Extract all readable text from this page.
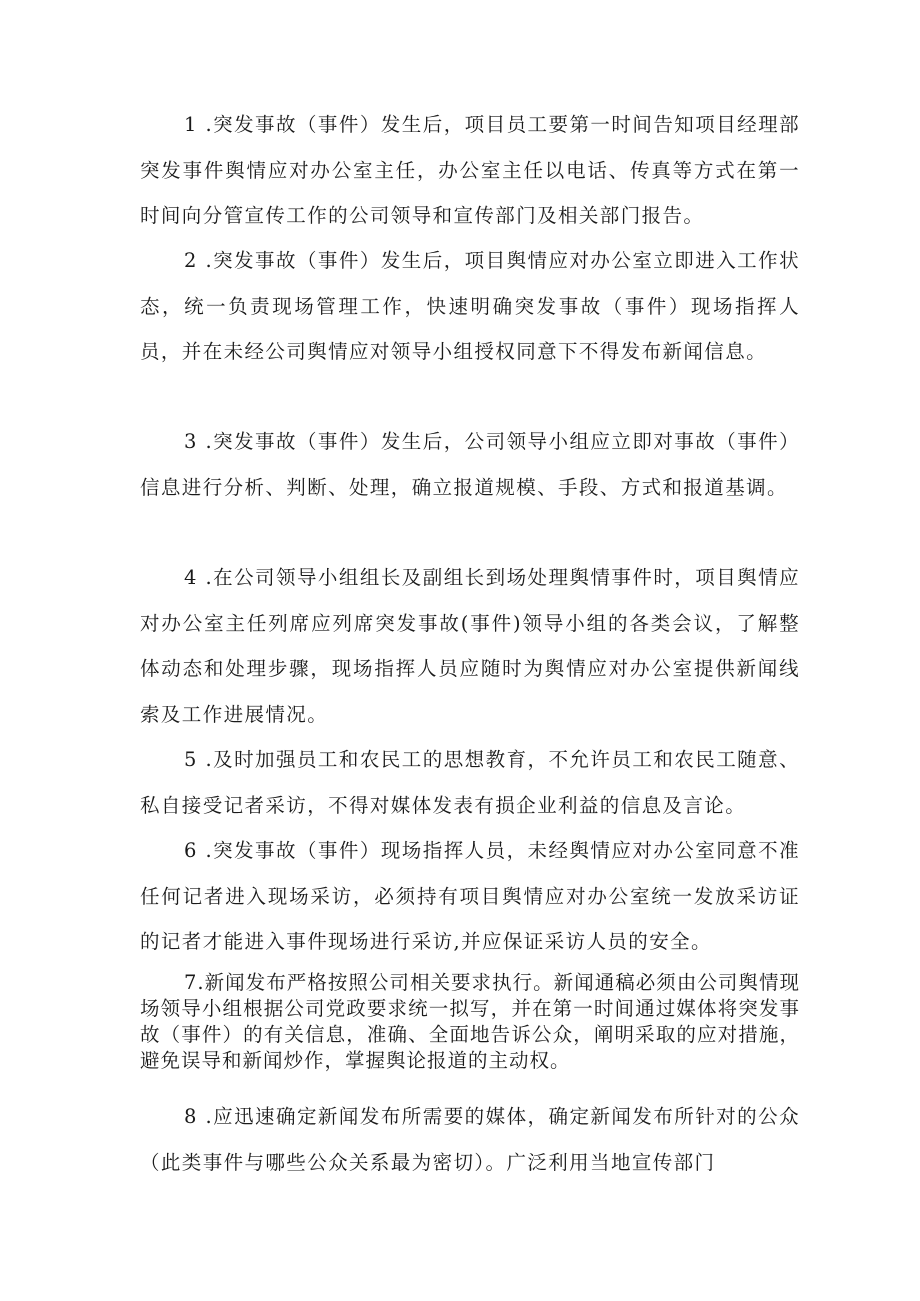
1 .突发事故（事件）发生后，项目员工要第一时间告知项目经理部突发事件舆情应对办公室主任，办公室主任以电话、传真等方式在第一时间向分管宣传工作的公司领导和宣传部门及相关部门报告。

2 .突发事故（事件）发生后，项目舆情应对办公室立即进入工作状态，统一负责现场管理工作，快速明确突发事故（事件）现场指挥人员，并在未经公司舆情应对领导小组授权同意下不得发布新闻信息。

3 .突发事故（事件）发生后，公司领导小组应立即对事故（事件）信息进行分析、判断、处理，确立报道规模、手段、方式和报道基调。

4 .在公司领导小组组长及副组长到场处理舆情事件时，项目舆情应对办公室主任列席应列席突发事故(事件)领导小组的各类会议，了解整体动态和处理步骤，现场指挥人员应随时为舆情应对办公室提供新闻线索及工作进展情况。

5 .及时加强员工和农民工的思想教育，不允许员工和农民工随意、私自接受记者采访，不得对媒体发表有损企业利益的信息及言论。

6 .突发事故（事件）现场指挥人员，未经舆情应对办公室同意不准任何记者进入现场采访，必须持有项目舆情应对办公室统一发放采访证的记者才能进入事件现场进行采访,并应保证采访人员的安全。

7.新闻发布严格按照公司相关要求执行。新闻通稿必须由公司舆情现场领导小组根据公司党政要求统一拟写，并在第一时间通过媒体将突发事故（事件）的有关信息，准确、全面地告诉公众，阐明采取的应对措施，避免误导和新闻炒作，掌握舆论报道的主动权。

8 .应迅速确定新闻发布所需要的媒体，确定新闻发布所针对的公众（此类事件与哪些公众关系最为密切）。广泛利用当地宣传部门
